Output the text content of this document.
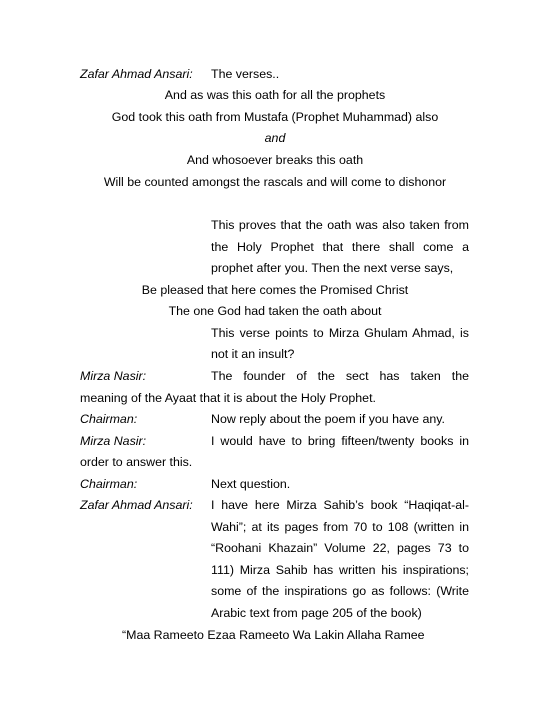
Zafar Ahmad Ansari: The verses..
And as was this oath for all the prophets
God took this oath from Mustafa (Prophet Muhammad) also
and
And whosoever breaks this oath
Will be counted amongst the rascals and will come to dishonor
This proves that the oath was also taken from
the Holy Prophet that there shall come a
prophet after you. Then the next verse says,
Be pleased that here comes the Promised Christ
The one God had taken the oath about
This verse points to Mirza Ghulam Ahmad, is
not it an insult?
Mirza Nasir:	The founder of the sect has taken the
meaning of the Ayaat that it is about the Holy Prophet.
Chairman:	Now reply about the poem if you have any.
Mirza Nasir:	I would have to bring fifteen/twenty books in
order to answer this.
Chairman:	Next question.
Zafar Ahmad Ansari: I have here Mirza Sahib’s book “Haqiqat-al-
Wahi”; at its pages from 70 to 108 (written in
“Roohani Khazain” Volume 22, pages 73 to
111) Mirza Sahib has written his inspirations;
some of the inspirations go as follows: (Write
Arabic text from page 205 of the book)
“Maa Rameeto Ezaa Rameeto Wa Lakin Allaha Ramee
